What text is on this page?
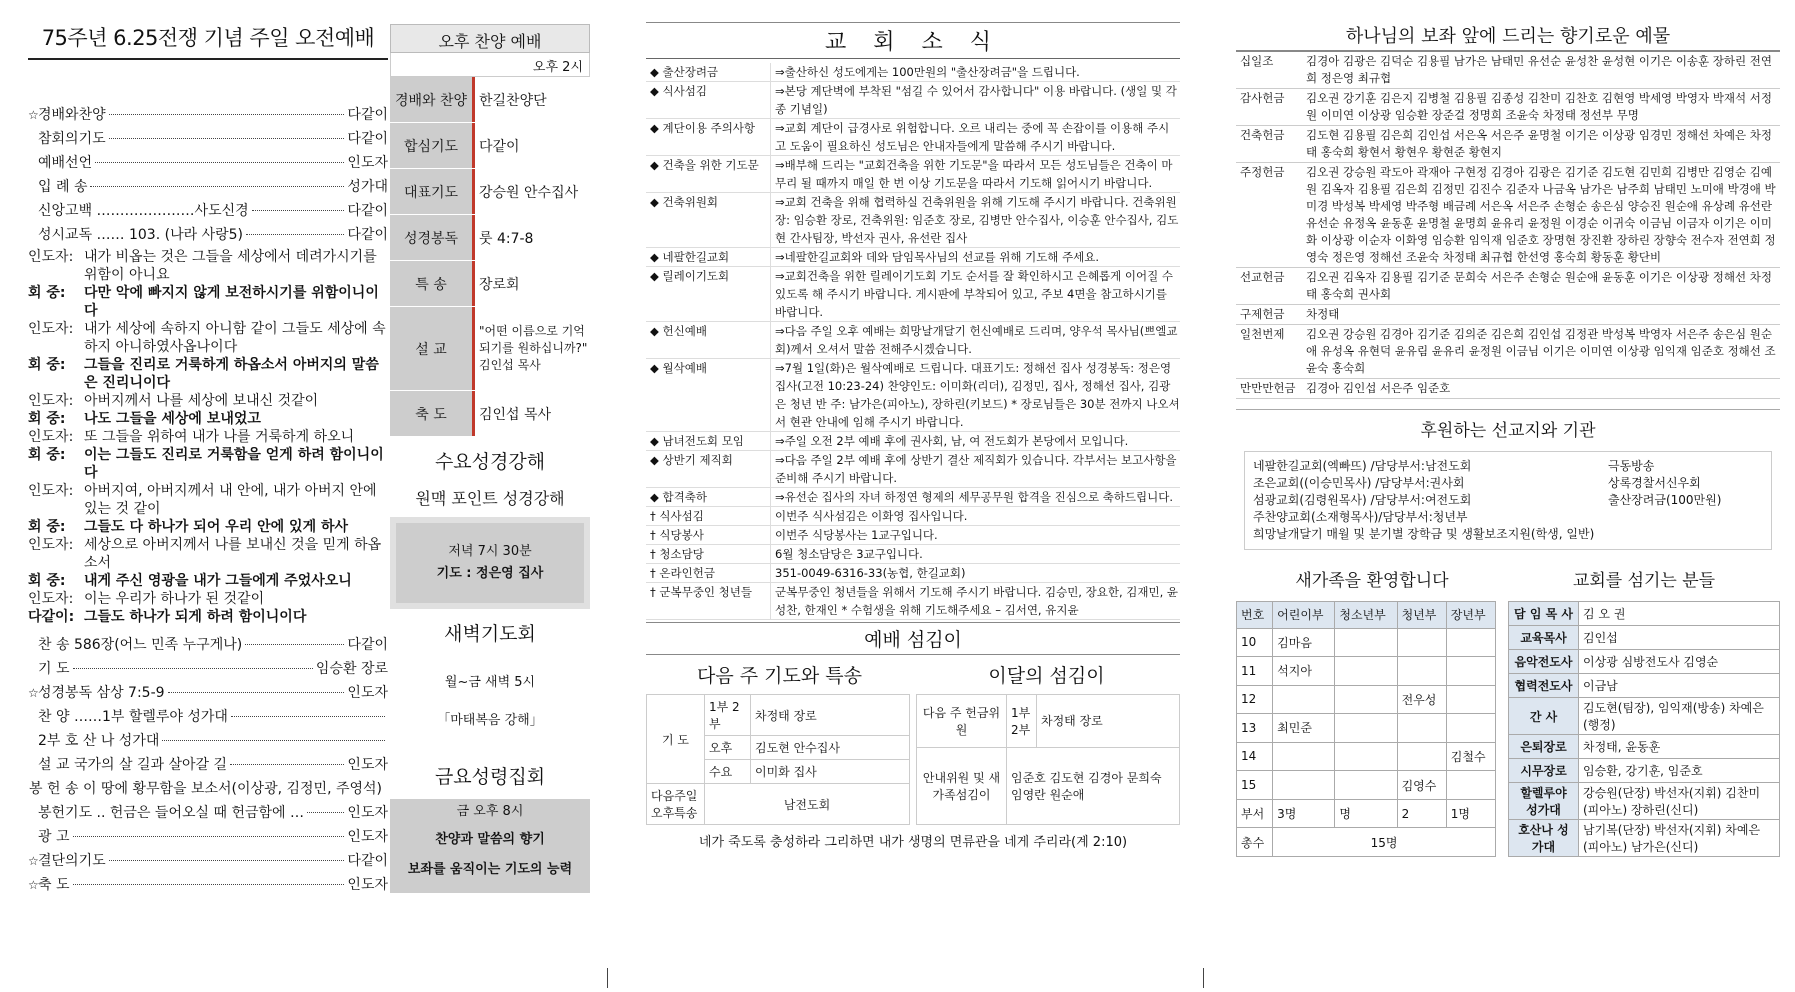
75주년 6.25전쟁 기념 주일 오전예배
☆ 경배와찬양	다같이
참회의기도	다같이
예배선언	인도자
입 례 송	성가대
신앙고백 …………………사도신경	다같이
성시교독 …… 103. (나라 사랑5)	다같이
인도자: 내가 비옵는 것은 그들을 세상에서 데려가시기를 위함이 아니요
회 중:	다만 악에 빠지지 않게 보전하시기를 위함이니이다
인도자: 내가 세상에 속하지 아니함 같이 그들도 세상에 속하지 아니하였사옵나이다
회 중:	그들을 진리로 거룩하게 하옵소서 아버지의 말씀은 진리니이다
인도자: 아버지께서 나를 세상에 보내신 것같이
회 중:	나도 그들을 세상에 보내었고
인도자: 또 그들을 위하여 내가 나를 거룩하게 하오니
회 중:	이는 그들도 진리로 거룩함을 얻게 하려 함이니이다
인도자: 아버지여, 아버지께서 내 안에, 내가 아버지 안에 있는 것 같이
회 중:	그들도 다 하나가 되어 우리 안에 있게 하사
인도자: 세상으로 아버지께서 나를 보내신 것을 믿게 하옵소서
회 중:	내게 주신 영광을 내가 그들에게 주었사오니
인도자: 이는 우리가 하나가 된 것같이
다같이: 그들도 하나가 되게 하려 함이니이다
찬 송 586장(어느 민족 누구게나)	다같이
기 도	임승환 장로
☆ 성경봉독 삼상 7:5-9	인도자
찬 양 ……1부 할렐루야 성가대
2부 호 산 나 성가대
설 교 국가의 살 길과 살아갈 길	인도자
봉 헌 송 이 땅에 황무함을 보소서(이상광, 김정민, 주영석)
봉헌기도 .. 헌금은 들어오실 때 헌금함에 …	인도자
광 고	인도자
☆ 결단의기도	다같이
☆ 축 도	인도자
오후 찬양 예배
오후 2시
경배와 찬양 한길찬양단
합심기도	다같이
대표기도	강승원 안수집사
성경봉독	룻 4:7-8
특 송	장로회
설 교
"어떤 이름으로 기억되기를 원하십니까?" 김인섭 목사
축 도	김인섭 목사
수요성경강해
원맥 포인트 성경강해
저녁 7시 30분
기도 : 정은영 집사
새벽기도회
월~금 새벽 5시
「마태복음 강해」
금요성령집회
금 오후 8시
찬양과 말씀의 향기
보좌를 움직이는 기도의 능력
교 회 소 식
◆ 출산장려금	⇒출산하신 성도에게는 100만원의 "출산장려금"을 드립니다.
◆ 식사섬김	⇒본당 계단벽에 부착된 "섬길 수 있어서 감사합니다" 이용 바랍니다. (생일 및 각종 기념일)
◆ 계단이용 주의사항	⇒교회 계단이 급경사로 위험합니다. 오르 내리는 중에 꼭 손잡이를 이용해 주시고 도움이 필요하신 성도님은 안내자들에게 말씀해 주시기 바랍니다.
◆ 건축을 위한 기도문	⇒배부해 드리는 "교회건축을 위한 기도문"을 따라서 모든 성도님들은 건축이 마무리 될 때까지 매일 한 번 이상 기도문을 따라서 기도해 읽어시기 바랍니다.
◆ 건축위원회	⇒교회 건축을 위해 협력하실 건축위원을 위해 기도해 주시기 바랍니다. 건축위원장: 임승환 장로, 건축위원: 임준호 장로, 김병만 안수집사, 이승훈 안수집사, 김도현 간사팀장, 박선자 권사, 유선란 집사
◆ 네팔한길교회	⇒네팔한길교회와 데와 담임목사님의 선교를 위해 기도해 주세요.
◆ 릴레이기도회	⇒교회건축을 위한 릴레이기도회 기도 순서를 잘 확인하시고 은혜롭게 이어질 수 있도록 해 주시기 바랍니다. 게시판에 부착되어 있고, 주보 4면을 참고하시기를 바랍니다.
◆ 헌신예배	⇒다음 주일 오후 예배는 희망날개달기 헌신예배로 드리며, 양우석 목사님(쁘엘교회)께서 오셔서 말씀 전해주시겠습니다.
◆ 월삭예배	⇒7월 1일(화)은 월삭예배로 드립니다. 대표기도: 정해선 집사 성경봉독: 정은영 집사(고전 10:23-24) 찬양인도: 이미화(리더), 김정민, 집사, 정해선 집사, 김광은 청년 반 주: 남가은(피아노), 장하린(키보드) * 장로님들은 30분 전까지 나오셔서 현관 안내에 임해 주시기 바랍니다.
◆ 남녀전도회 모임	⇒주일 오전 2부 예배 후에 권사회, 남, 여 전도회가 본당에서 모입니다.
◆ 상반기 제직회	⇒다음 주일 2부 예배 후에 상반기 결산 제직회가 있습니다. 각부서는 보고사항을 준비해 주시기 바랍니다.
◆ 합격축하	⇒유선순 집사의 자녀 하정연 형제의 세무공무원 합격을 진심으로 축하드립니다.
† 식사섬김	이번주 식사섬김은 이화영 집사입니다.
† 식당봉사	이번주 식당봉사는 1교구입니다.
† 청소담당	6월 청소담당은 3교구입니다.
† 온라인헌금	351-0049-6316-33(농협, 한길교회)
† 군복무중인 청년들	군복무중인 청년들을 위해서 기도해 주시기 바랍니다. 김승민, 장요한, 김재민, 윤성찬, 한재인 * 수험생을 위해 기도해주세요 – 김서연, 유지윤
예배 섬김이
다음 주 기도와 특송	이달의 섬김이
기 도	1부 2부	차정태 장로
	오후	김도현 안수집사
	수요	이미화 집사
다음주일 오후특송	남전도회	
다음 주 헌금위원	1부 2부	차정태 장로
안내위원 및 새가족섬김이	임준호 김도현 김경아 문희숙 임영란 원순애	
네가 죽도록 충성하라 그리하면 내가 생명의 면류관을 네게 주리라(계 2:10)
하나님의 보좌 앞에 드리는 향기로운 예물
십일조	김경아 김광은 김덕순 김용필 남가은 남태민 유선순 윤성찬 윤성현 이기은 이송훈 장하린 전연희 정은영 최규협
감사헌금	김오권 강기훈 김은지 김병철 김용필 김종성 김찬미 김찬호 김현영 박세영 박영자 박재석 서정원 이미연 이상광 임승환 장준걸 정명희 조윤숙 차정태 정선부 무명
건축헌금	김도현 김용필 김은희 김인섭 서은옥 서은주 윤명철 이기은 이상광 임경민 정해선 차예은 차정태 홍숙희 황현서 황현우 황현준 황현지
주정헌금	김오권 강승원 곽도아 곽재아 구현정 김경아 김광은 김기준 김도현 김민희 김병만 김영순 김예원 김옥자 김용필 김은희 김정민 김진수 김준자 나금옥 남가은 남주희 남태민 노미애 박경애 박미경 박성복 박세영 박주형 배금례 서은옥 서은주 손형순 송은심 양승진 원순애 유상례 유선란 유선순 유정옥 윤동훈 윤명철 윤명희 윤유리 윤정원 이경순 이귀숙 이금님 이금자 이기은 이미화 이상광 이순자 이화영 임승환 임익재 임준호 장명현 장진환 장하린 장향숙 전수자 전연희 정영숙 정은영 정해선 조윤숙 차정태 최규협 한선영 홍숙희 황동훈 황단비
선교헌금	김오권 김옥자 김용필 김기준 문희숙 서은주 손형순 원순애 윤동훈 이기은 이상광 정해선 차정태 홍숙희 권사회
구제헌금	차정태
일천번제	김오권 강승원 김경아 김기준 김의준 김은희 김인섭 김정관 박성복 박영자 서은주 송은심 원순애 유성옥 유현덕 윤유림 윤유리 윤정원 이금님 이기은 이미연 이상광 임익재 임준호 정해선 조윤숙 홍숙희
만만만헌금	김경아 김인섭 서은주 임준호
후원하는 선교지와 기관
네팔한길교회(엑빠뜨) /담당부서:남전도회	극동방송
조은교회((이승민목사) /담당부서:권사회	상록경찰서신우회
섬광교회(김령원목사) /담당부서:여전도회	출산장려금(100만원)
주찬양교회(소재형목사)/담당부서:청년부
희망날개달기 매월 및 분기별 장학금 및 생활보조지원(학생, 일반)
새가족을 환영합니다	교회를 섬기는 분들
번호	어린이부	청소년부	청년부	장년부
10	김마음			
11	석지아			
12			전우성	
13	최민준			
14				김철수
15			김영수	
부서	3명	명	2	1명
총수	15명			
담 임 목 사	김 오 권
교육목사	김인섭
음악전도사	이상광 심방전도사 김영순
협력전도사	이금남
간 사	김도현(팀장), 임익재(방송) 차예은(행정)
은퇴장로	차정태, 윤동훈
시무장로	임승환, 강기훈, 임준호
할렐루야 성가대	강승원(단장) 박선자(지휘) 김찬미(피아노) 장하린(신디)
호산나 성가대	남기복(단장) 박선자(지휘) 차예은(피아노) 남가은(신디)
